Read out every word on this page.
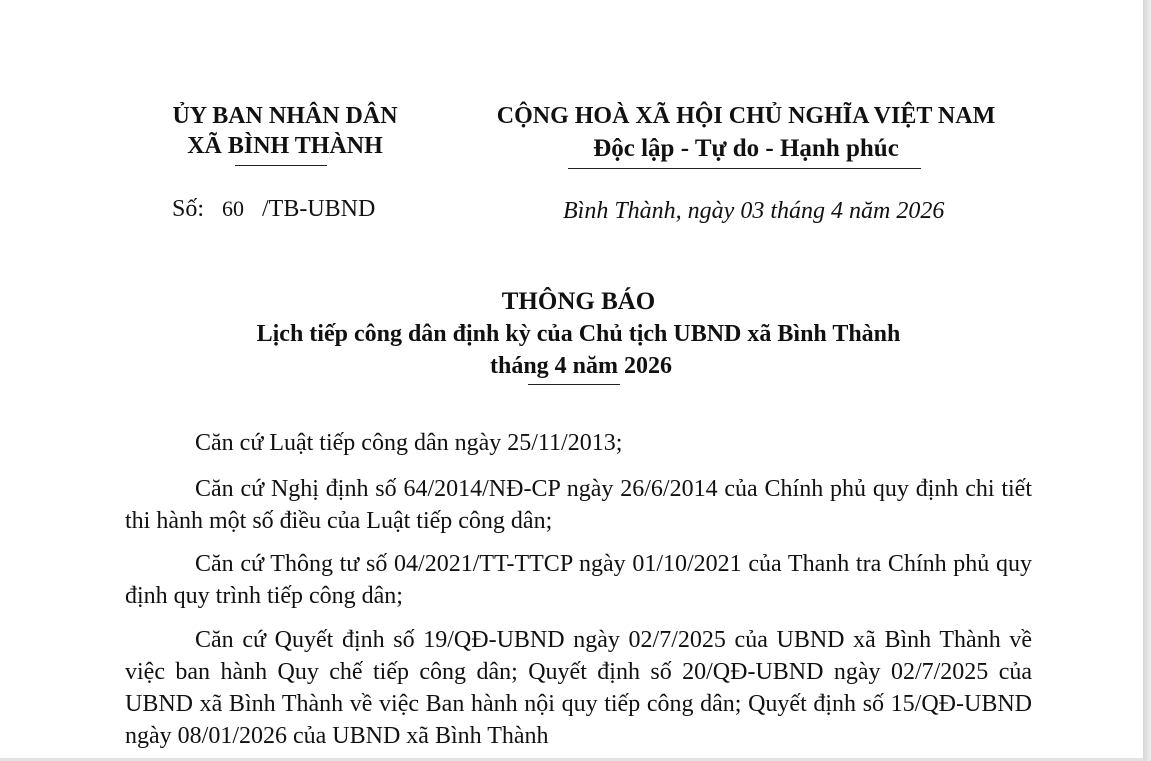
ỦY BAN NHÂN DÂN
XÃ BÌNH THÀNH
CỘNG HOÀ XÃ HỘI CHỦ NGHĨA VIỆT NAM
Độc lập - Tự do - Hạnh phúc
Số: 60 /TB-UBND	Bình Thành, ngày 03 tháng 4 năm 2026
THÔNG BÁO
Lịch tiếp công dân định kỳ của Chủ tịch UBND xã Bình Thành
tháng 4 năm 2026
Căn cứ Luật tiếp công dân ngày 25/11/2013;
Căn cứ Nghị định số 64/2014/NĐ-CP ngày 26/6/2014 của Chính phủ quy định chi tiết thi hành một số điều của Luật tiếp công dân;
Căn cứ Thông tư số 04/2021/TT-TTCP ngày 01/10/2021 của Thanh tra Chính phủ quy định quy trình tiếp công dân;
Căn cứ Quyết định số 19/QĐ-UBND ngày 02/7/2025 của UBND xã Bình Thành về việc ban hành Quy chế tiếp công dân; Quyết định số 20/QĐ-UBND ngày 02/7/2025 của UBND xã Bình Thành về việc Ban hành nội quy tiếp công dân; Quyết định số 15/QĐ-UBND ngày 08/01/2026 của UBND xã Bình Thành
